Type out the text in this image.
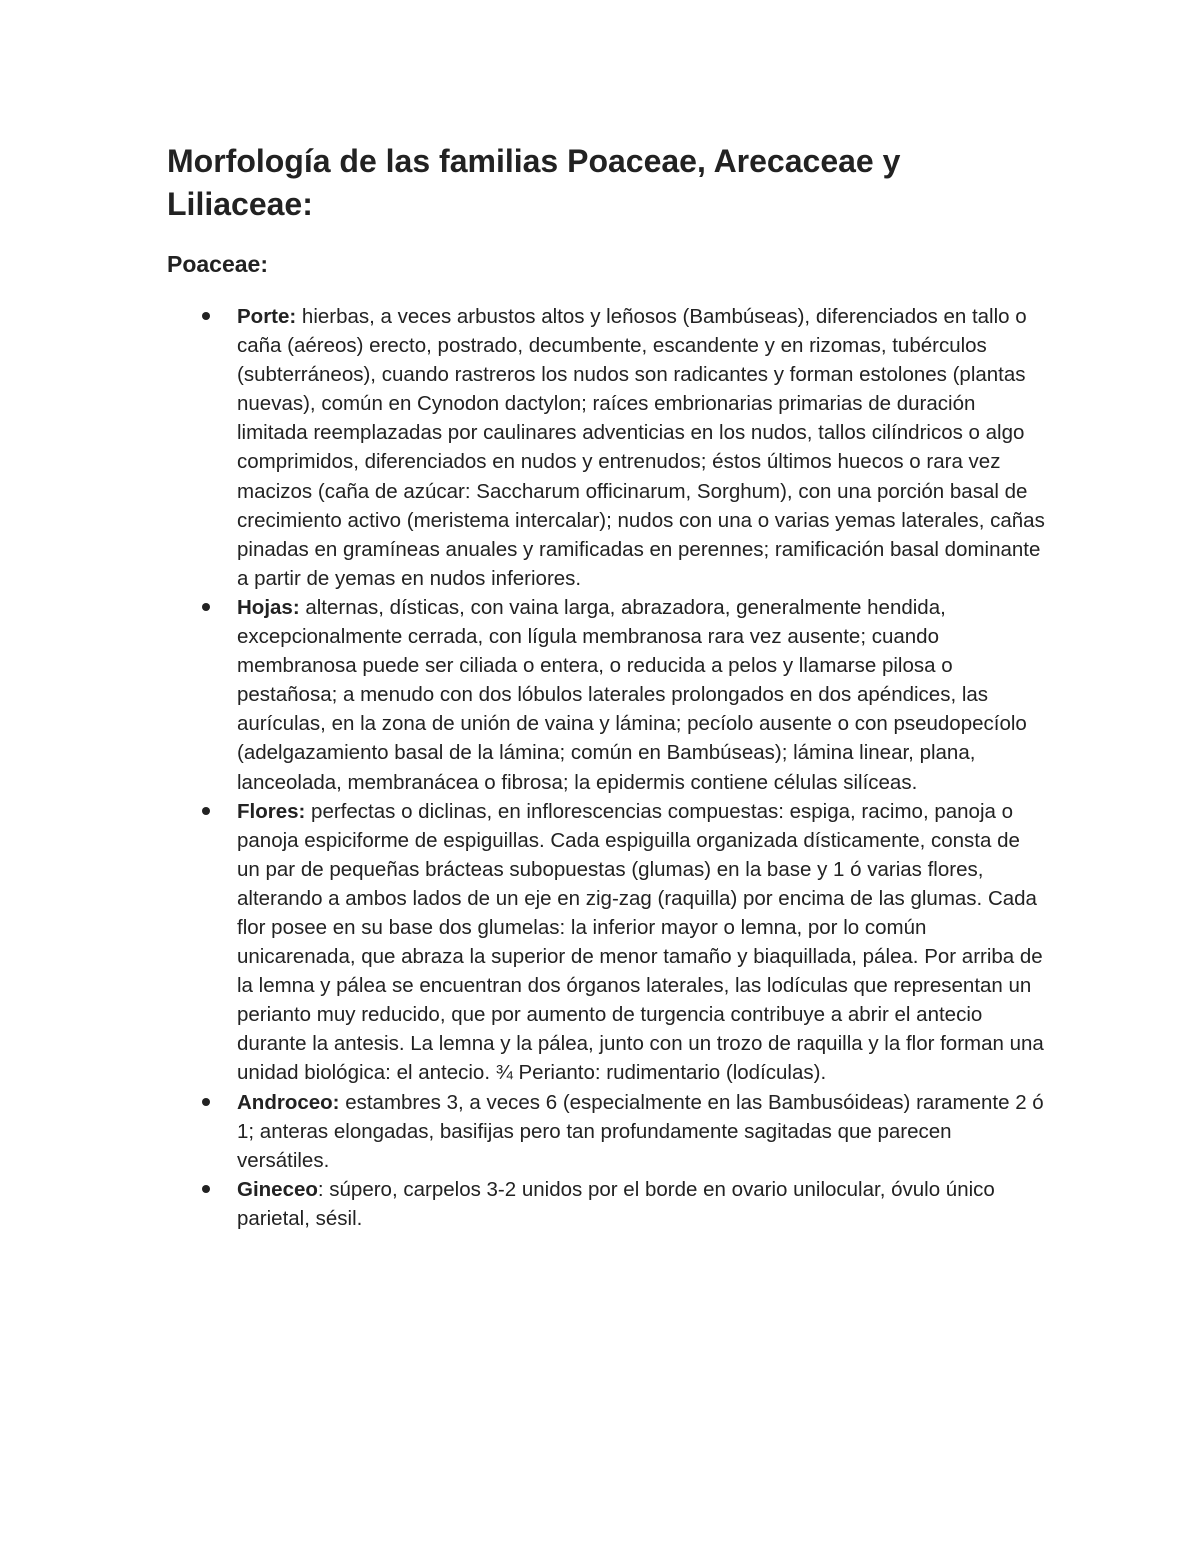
Morfología de las familias Poaceae, Arecaceae y Liliaceae:
Poaceae:
Porte: hierbas, a veces arbustos altos y leñosos (Bambúseas), diferenciados en tallo o caña (aéreos) erecto, postrado, decumbente, escandente y en rizomas, tubérculos (subterráneos), cuando rastreros los nudos son radicantes y forman estolones (plantas nuevas), común en Cynodon dactylon; raíces embrionarias primarias de duración limitada reemplazadas por caulinares adventicias en los nudos, tallos cilíndricos o algo comprimidos, diferenciados en nudos y entrenudos; éstos últimos huecos o rara vez macizos (caña de azúcar: Saccharum officinarum, Sorghum), con una porción basal de crecimiento activo (meristema intercalar); nudos con una o varias yemas laterales, cañas pinadas en gramíneas anuales y ramificadas en perennes; ramificación basal dominante a partir de yemas en nudos inferiores.
Hojas: alternas, dísticas, con vaina larga, abrazadora, generalmente hendida, excepcionalmente cerrada, con lígula membranosa rara vez ausente; cuando membranosa puede ser ciliada o entera, o reducida a pelos y llamarse pilosa o pestañosa; a menudo con dos lóbulos laterales prolongados en dos apéndices, las aurículas, en la zona de unión de vaina y lámina; pecíolo ausente o con pseudopecíolo (adelgazamiento basal de la lámina; común en Bambúseas); lámina linear, plana, lanceolada, membranácea o fibrosa; la epidermis contiene células silíceas.
Flores: perfectas o diclinas, en inflorescencias compuestas: espiga, racimo, panoja o panoja espiciforme de espiguillas. Cada espiguilla organizada dísticamente, consta de un par de pequeñas brácteas subopuestas (glumas) en la base y 1 ó varias flores, alterando a ambos lados de un eje en zig-zag (raquilla) por encima de las glumas. Cada flor posee en su base dos glumelas: la inferior mayor o lemna, por lo común unicarenada, que abraza la superior de menor tamaño y biaquillada, pálea. Por arriba de la lemna y pálea se encuentran dos órganos laterales, las lodículas que representan un perianto muy reducido, que por aumento de turgencia contribuye a abrir el antecio durante la antesis. La lemna y la pálea, junto con un trozo de raquilla y la flor forman una unidad biológica: el antecio. ¾ Perianto: rudimentario (lodículas).
Androceo: estambres 3, a veces 6 (especialmente en las Bambusóideas) raramente 2 ó 1; anteras elongadas, basifijas pero tan profundamente sagitadas que parecen versátiles.
Gineceo: súpero, carpelos 3-2 unidos por el borde en ovario unilocular, óvulo único parietal, sésil.
